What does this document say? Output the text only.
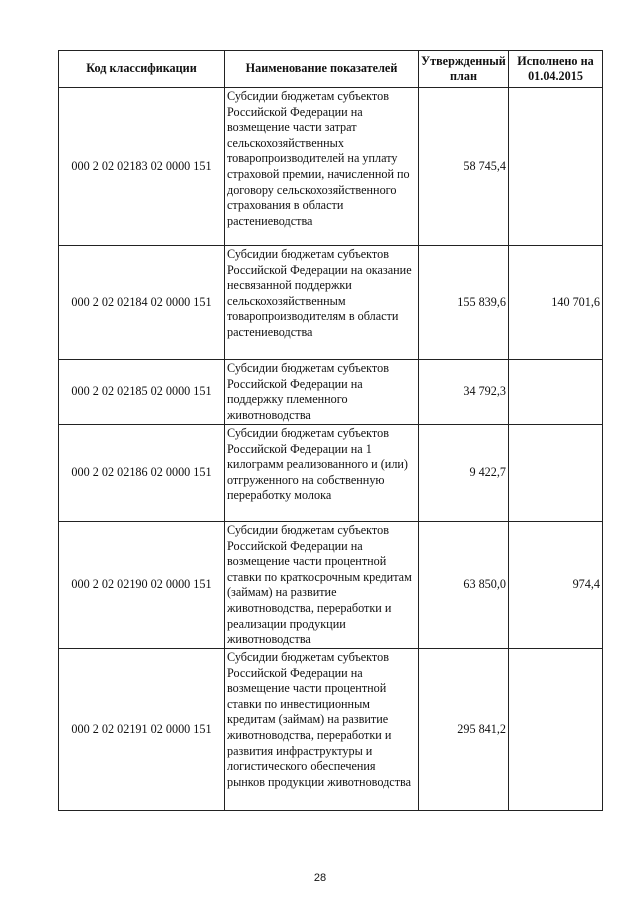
Код классификации	Наименование показателей	Утвержденный план	Исполнено на 01.04.2015
000 2 02 02183 02 0000 151	Субсидии бюджетам субъектов Российской Федерации на возмещение части затрат сельскохозяйственных товаропроизводителей на уплату страховой премии, начисленной по договору сельскохозяйственного страхования в области растениеводства	58 745,4	
000 2 02 02184 02 0000 151	Субсидии бюджетам субъектов Российской Федерации на оказание несвязанной поддержки сельскохозяйственным товаропроизводителям в области растениеводства	155 839,6	140 701,6
000 2 02 02185 02 0000 151	Субсидии бюджетам субъектов Российской Федерации на поддержку племенного животноводства	34 792,3	
000 2 02 02186 02 0000 151	Субсидии бюджетам субъектов Российской Федерации на 1 килограмм реализованного и (или) отгруженного на собственную переработку молока	9 422,7	
000 2 02 02190 02 0000 151	Субсидии бюджетам субъектов Российской Федерации на возмещение части процентной ставки по краткосрочным кредитам (займам) на развитие животноводства, переработки и реализации продукции животноводства	63 850,0	974,4
000 2 02 02191 02 0000 151	Субсидии бюджетам субъектов Российской Федерации на возмещение части процентной ставки по инвестиционным кредитам (займам) на развитие животноводства, переработки и развития инфраструктуры и логистического обеспечения рынков продукции животноводства	295 841,2	
28
